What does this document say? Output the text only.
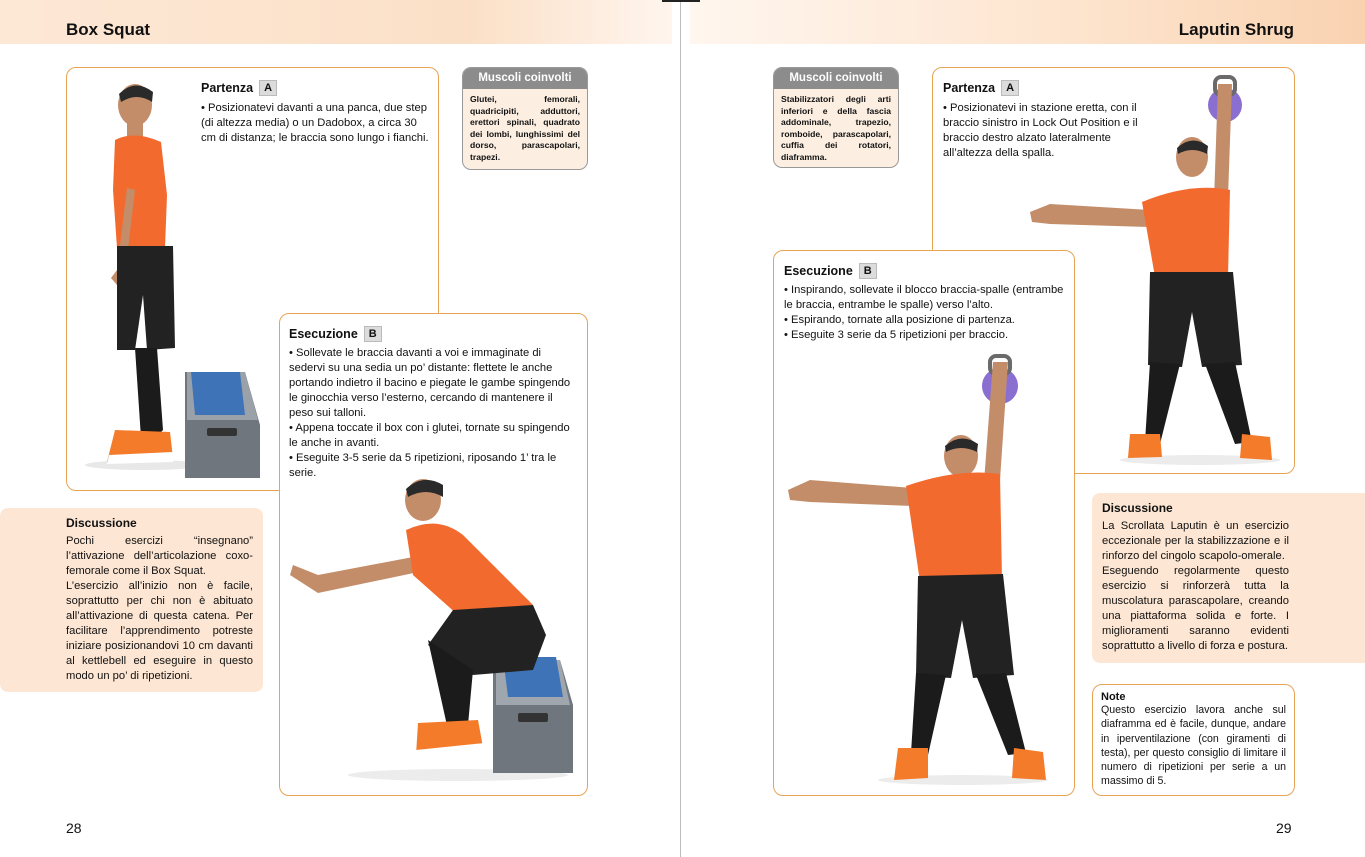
Box Squat	Laputin Shrug
Partenza	A
• Posizionatevi davanti a una panca, due step (di altezza media) o un Dadobox, a circa 30 cm di distanza; le braccia sono lungo i fianchi.
Muscoli coinvolti
Glutei, femorali, quadricipiti, adduttori, erettori spinali, quadrato dei lombi, lunghissimi del dorso, parascapolari, trapezi.
Esecuzione	B

• Sollevate le braccia davanti a voi e immaginate di sedervi su una sedia un po’ distante: flettete le anche portando indietro il bacino e piegate le gambe spingendo le ginocchia verso l’esterno, cercando di mantenere il peso sui talloni.

• Appena toccate il box con i glutei, tornate su spingendo le anche in avanti.

• Eseguite 3-5 serie da 5 ripetizioni, riposando 1’ tra le serie.

Discussione

Pochi esercizi “insegnano” l’attivazione dell’articolazione coxo-femorale come il Box Squat.

L’esercizio all’inizio non è facile, soprattutto per chi non è abituato all’attivazione di questa catena. Per facilitare l’apprendimento potreste iniziare posizionandovi 10 cm davanti al kettlebell ed eseguire in questo modo un po’ di ripetizioni.

28
Muscoli coinvolti
Stabilizzatori degli arti inferiori e della fascia addominale, trapezio, romboide, parascapolari, cuffia dei rotatori, diaframma.
Partenza	A
• Posizionatevi in stazione eretta, con il braccio sinistro in Lock Out Position e il braccio destro alzato lateralmente all’altezza della spalla.
Esecuzione	B

• Inspirando, sollevate il blocco braccia-spalle (entrambe le braccia, entrambe le spalle) verso l’alto.

• Espirando, tornate alla posizione di partenza.

• Eseguite 3 serie da 5 ripetizioni per braccio.

Discussione

La Scrollata Laputin è un esercizio eccezionale per la stabilizzazione e il rinforzo del cingolo scapolo-omerale.

Eseguendo regolarmente questo esercizio si rinforzerà tutta la muscolatura parascapolare, creando una piattaforma solida e forte. I miglioramenti saranno evidenti soprattutto a livello di forza e postura.

Note
Questo esercizio lavora anche sul diaframma ed è facile, dunque, andare in iperventilazione (con giramenti di testa), per questo consiglio di limitare il numero di ripetizioni per serie a un massimo di 5.
29
